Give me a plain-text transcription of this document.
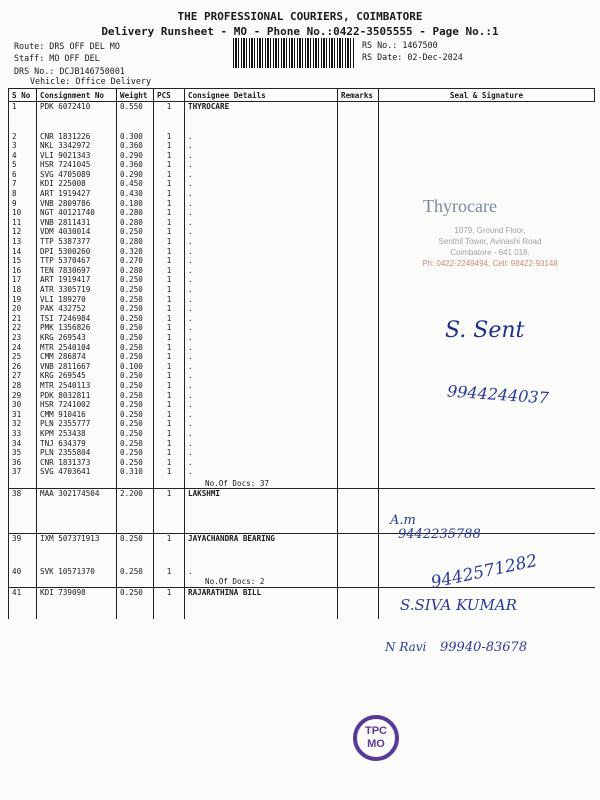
THE PROFESSIONAL COURIERS, COIMBATORE
Delivery Runsheet - MO - Phone No.:0422-3505555 - Page No.:1
Route: DRS OFF DEL MO
Staff: MO OFF DEL
DRS No.: DCJB146750001
Vehicle: Office Delivery
RS No.: 1467500
RS Date: 02-Dec-2024
S No	Consignment No	Weight	PCS	Consignee Details	Remarks	Seal & Signature
1	PDK 6072410	0.550	1	THYROCARE		
2	CNR 1831226	0.300	1	.		
3	NKL 3342972	0.360	1	.		
4	VLI 9021343	0.290	1	.		
5	HSR 7241045	0.360	1	.		
6	SVG 4705089	0.290	1	.		
7	KDI 225008	0.450	1	.		
8	ART 1919427	0.430	1	.		
9	VNB 2809786	0.180	1	.		
10	NGT 40121740	0.280	1	.		
11	VNB 2811431	0.280	1	.		
12	VDM 4030014	0.250	1	.		
13	TTP 5387377	0.280	1	.		
14	DPI 5300260	0.320	1	.		
15	TTP 5370467	0.270	1	.		
16	TEN 7830697	0.280	1	.		
17	ART 1919417	0.250	1	.		
18	ATR 3305719	0.250	1	.		
19	VLI 189270	0.250	1	.		
20	PAK 432752	0.250	1	.		
21	TSI 7246984	0.250	1	.		
22	PMK 1356826	0.250	1	.		
23	KRG 269543	0.250	1	.		
24	MTR 2540104	0.250	1	.		
25	CMM 286874	0.250	1	.		
26	VNB 2811667	0.100	1	.		
27	KRG 269545	0.250	1	.		
28	MTR 2540113	0.250	1	.		
29	PDK 8032811	0.250	1	.		
30	HSR 7241002	0.250	1	.		
31	CMM 910416	0.250	1	.		
32	PLN 2355777	0.250	1	.		
33	KPM 253438	0.250	1	.		
34	TNJ 634379	0.250	1	.		
35	PLN 2355804	0.250	1	.		
36	CNR 1831373	0.250	1	.		
37	SVG 4703641	0.310	1	.		
				No.Of Docs: 37		
38	MAA 302174504	2.200	1	LAKSHMI		

39	IXM 507371913	0.250	1	JAYACHANDRA BEARING		

40	SVK 10571370	0.250	1	.		
				No.Of Docs: 2		
41	KDI 739098	0.250	1	RAJARATHINA BILL		

Thyrocare
1079, Ground Floor,
Senthil Tower, Avinashi Road
Coimbatore - 641 018.
Ph: 0422-2249494, Cell: 98422-93148
S. Sent
9944244037
A.m
9442235788
9442571282
S.SIVA KUMAR
N Ravi 99940-83678
TPC
MO
